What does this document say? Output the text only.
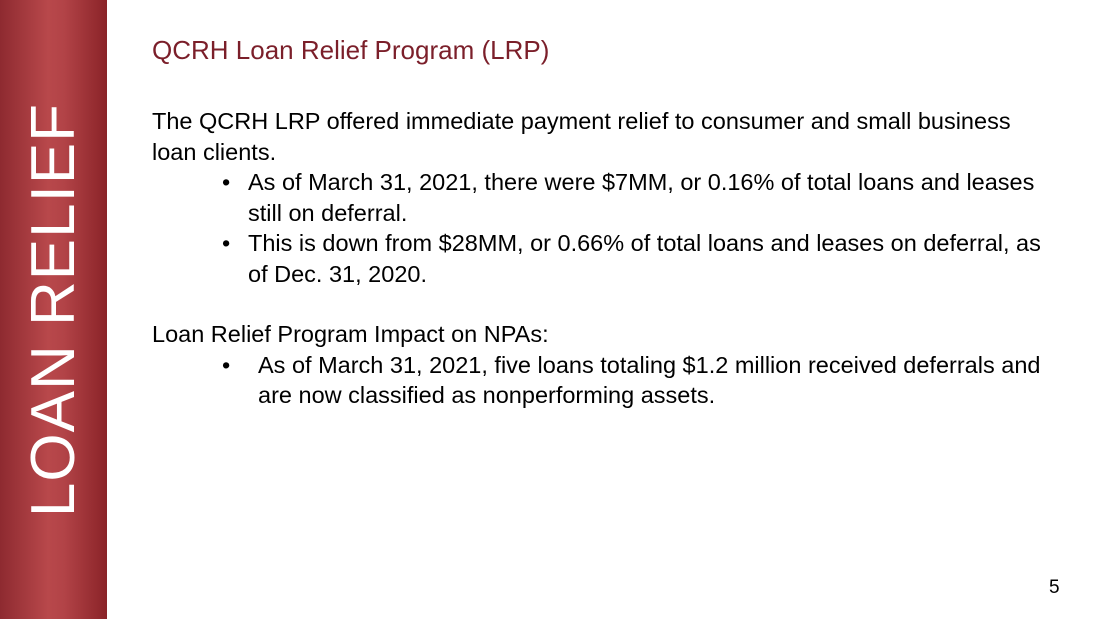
LOAN RELIEF
QCRH Loan Relief Program (LRP)

The QCRH LRP offered immediate payment relief to consumer and small business loan clients.

• As of March 31, 2021, there were $7MM, or 0.16% of total loans and leases still on deferral.
• This is down from $28MM, or 0.66% of total loans and leases on deferral, as of Dec. 31, 2020.

Loan Relief Program Impact on NPAs:

• As of March 31, 2021, five loans totaling $1.2 million received deferrals and are now classified as nonperforming assets.
5
